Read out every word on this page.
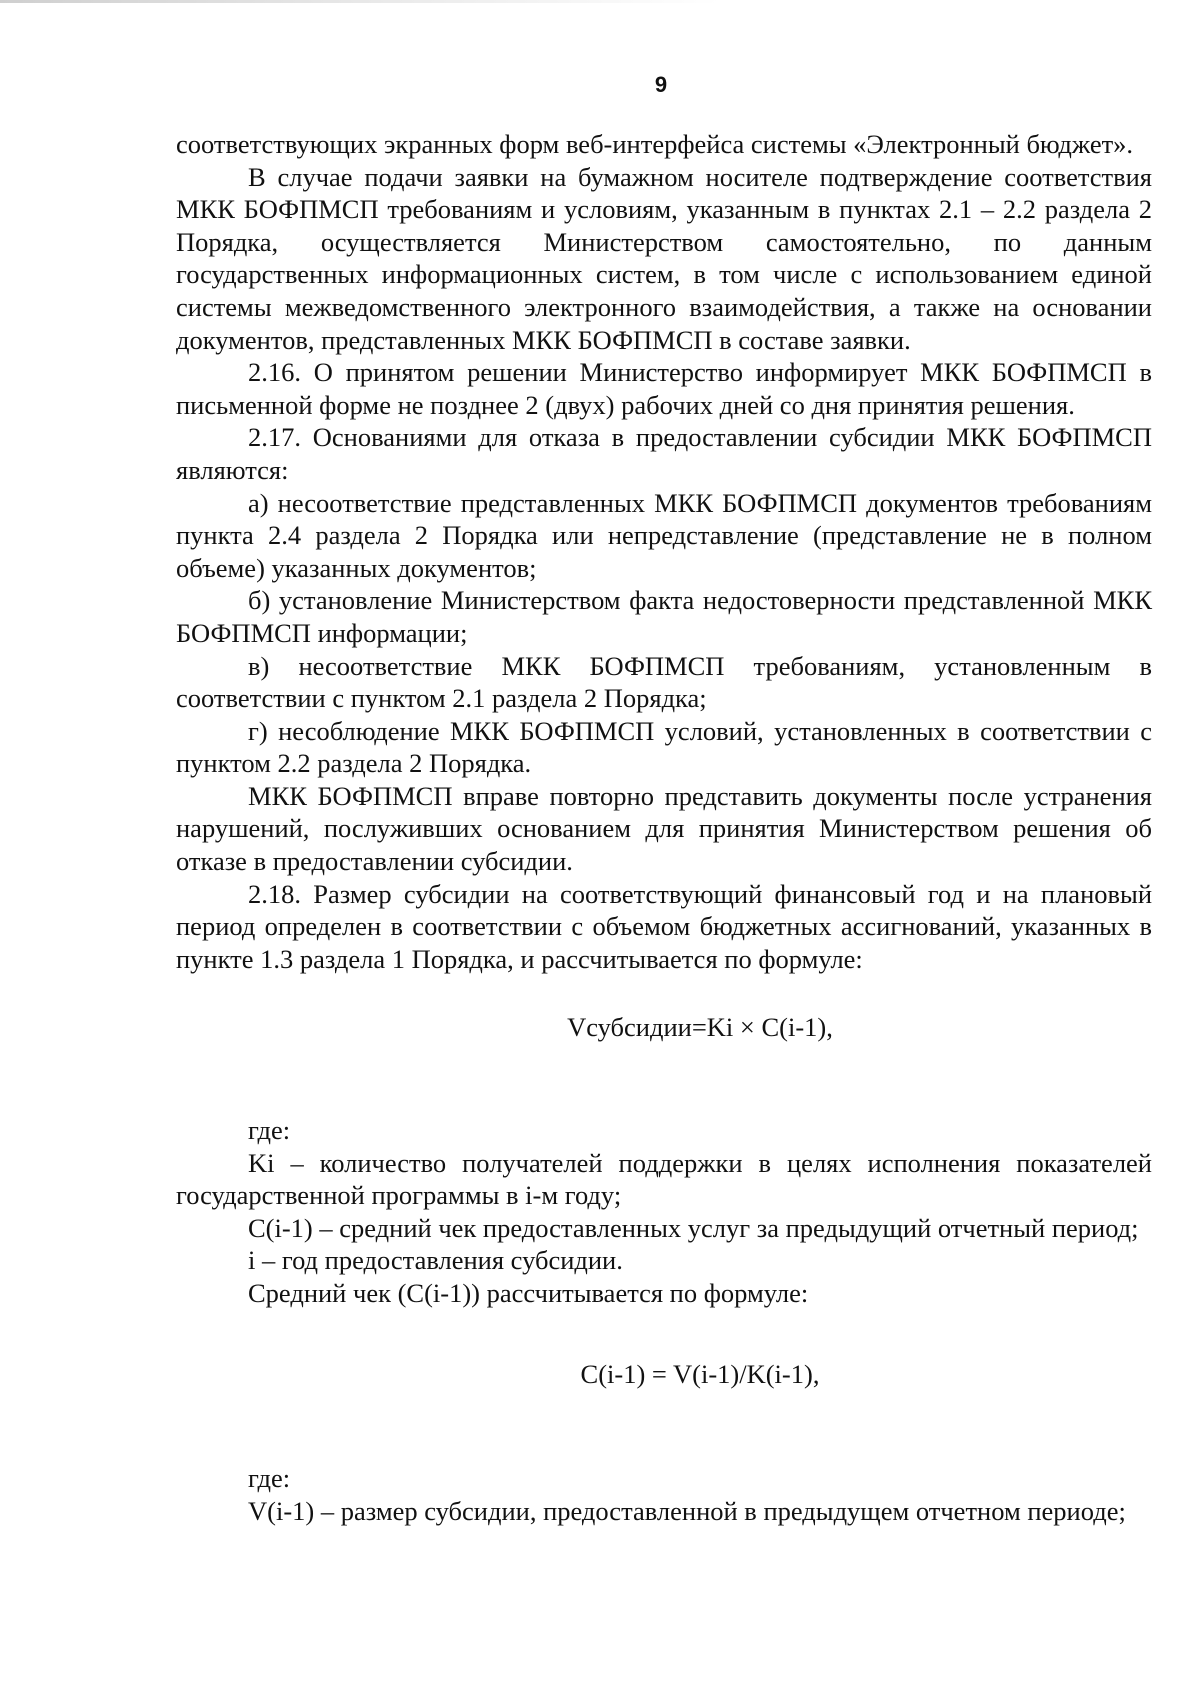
9

соответствующих экранных форм веб-интерфейса системы «Электронный бюджет».

В случае подачи заявки на бумажном носителе подтверждение соответствия МКК БОФПМСП требованиям и условиям, указанным в пунктах 2.1 – 2.2 раздела 2 Порядка, осуществляется Министерством самостоятельно, по данным государственных информационных систем, в том числе с использованием единой системы межведомственного электронного взаимодействия, а также на основании документов, представленных МКК БОФПМСП в составе заявки.

2.16. О принятом решении Министерство информирует МКК БОФПМСП в письменной форме не позднее 2 (двух) рабочих дней со дня принятия решения.

2.17. Основаниями для отказа в предоставлении субсидии МКК БОФПМСП являются:

а) несоответствие представленных МКК БОФПМСП документов требованиям пункта 2.4 раздела 2 Порядка или непредставление (представление не в полном объеме) указанных документов;

б) установление Министерством факта недостоверности представленной МКК БОФПМСП информации;

в) несоответствие МКК БОФПМСП требованиям, установленным в соответствии с пунктом 2.1 раздела 2 Порядка;

г) несоблюдение МКК БОФПМСП условий, установленных в соответствии с пунктом 2.2 раздела 2 Порядка.

МКК БОФПМСП вправе повторно представить документы после устранения нарушений, послуживших основанием для принятия Министерством решения об отказе в предоставлении субсидии.

2.18. Размер субсидии на соответствующий финансовый год и на плановый период определен в соответствии с объемом бюджетных ассигнований, указанных в пункте 1.3 раздела 1 Порядка, и рассчитывается по формуле:

Vсубсидии=Ki × C(i-1),

где:

Ki – количество получателей поддержки в целях исполнения показателей государственной программы в i-м году;

C(i-1) – средний чек предоставленных услуг за предыдущий отчетный период;

i – год предоставления субсидии.

Средний чек (C(i-1)) рассчитывается по формуле:

C(i-1) = V(i-1)/K(i-1),

где:

V(i-1) – размер субсидии, предоставленной в предыдущем отчетном периоде;
